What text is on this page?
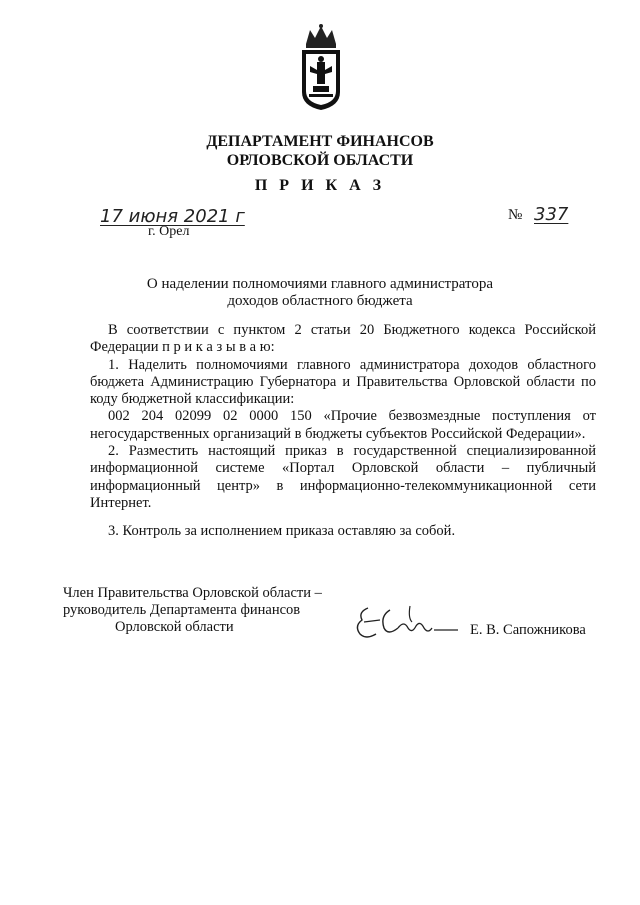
ДЕПАРТАМЕНТ ФИНАНСОВ
ОРЛОВСКОЙ ОБЛАСТИ
П Р И К А З
17 июня 2021 г	№ 337
г. Орел
О наделении полномочиями главного администратора
доходов областного бюджета

В соответствии с пунктом 2 статьи 20 Бюджетного кодекса Российской Федерации п р и к а з ы в а ю:

1. Наделить полномочиями главного администратора доходов областного бюджета Администрацию Губернатора и Правительства Орловской области по коду бюджетной классификации:

002 204 02099 02 0000 150 «Прочие безвозмездные поступления от негосударственных организаций в бюджеты субъектов Российской Федерации».

2. Разместить настоящий приказ в государственной специализированной информационной системе «Портал Орловской области – публичный информационный центр» в информационно-телекоммуникационной сети Интернет.

3. Контроль за исполнением приказа оставляю за собой.

Член Правительства Орловской области –
руководитель Департамента финансов
Орловской области	Е. В. Сапожникова
